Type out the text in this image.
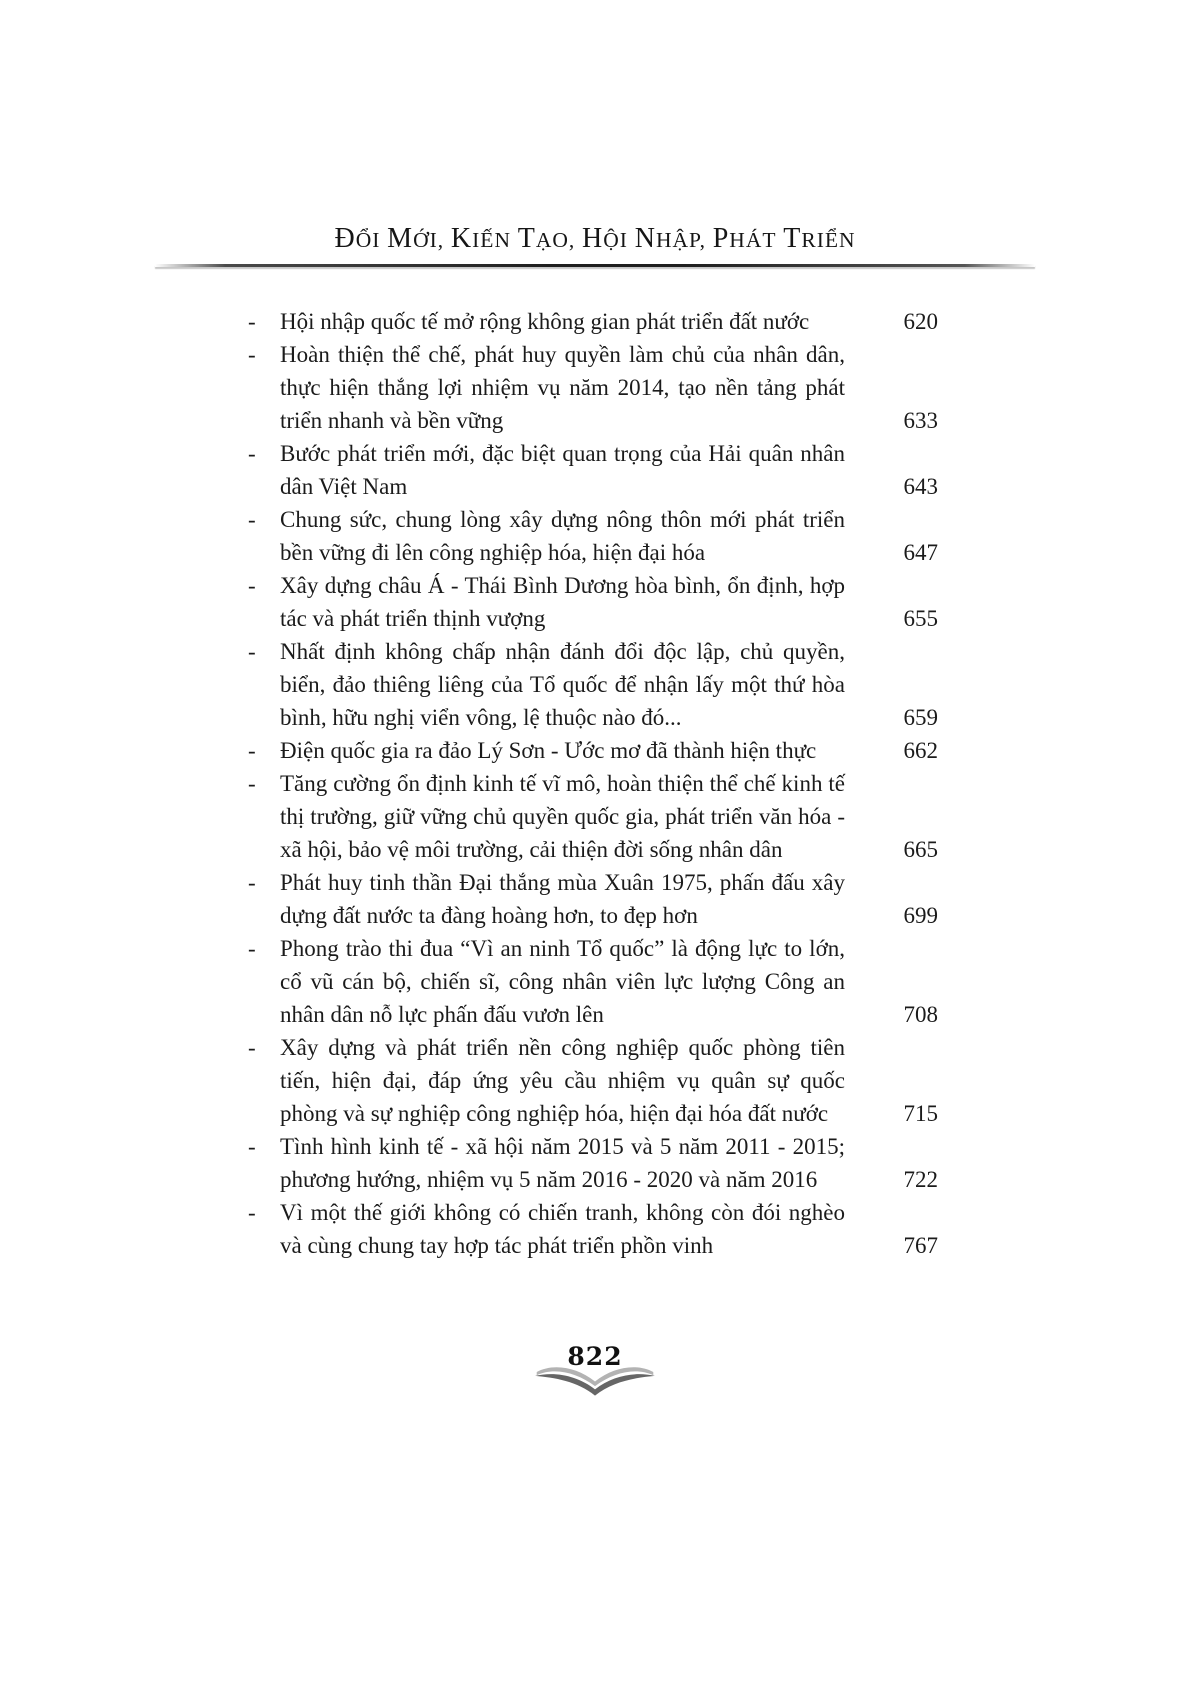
ĐỔI MỚI, KIẾN TẠO, HỘI NHẬP, PHÁT TRIỂN
-	Hội nhập quốc tế mở rộng không gian phát triển đất nước	620
-	Hoàn thiện thể chế, phát huy quyền làm chủ của nhân dân, thực hiện thắng lợi nhiệm vụ năm 2014, tạo nền tảng phát triển nhanh và bền vững	633
-	Bước phát triển mới, đặc biệt quan trọng của Hải quân nhân dân Việt Nam	643
-	Chung sức, chung lòng xây dựng nông thôn mới phát triển bền vững đi lên công nghiệp hóa, hiện đại hóa	647
-	Xây dựng châu Á - Thái Bình Dương hòa bình, ổn định, hợp tác và phát triển thịnh vượng	655
-	Nhất định không chấp nhận đánh đổi độc lập, chủ quyền, biển, đảo thiêng liêng của Tổ quốc để nhận lấy một thứ hòa bình, hữu nghị viển vông, lệ thuộc nào đó...	659
-	Điện quốc gia ra đảo Lý Sơn - Ước mơ đã thành hiện thực	662
-	Tăng cường ổn định kinh tế vĩ mô, hoàn thiện thể chế kinh tế thị trường, giữ vững chủ quyền quốc gia, phát triển văn hóa - xã hội, bảo vệ môi trường, cải thiện đời sống nhân dân	665
-	Phát huy tinh thần Đại thắng mùa Xuân 1975, phấn đấu xây dựng đất nước ta đàng hoàng hơn, to đẹp hơn	699
-	Phong trào thi đua “Vì an ninh Tổ quốc” là động lực to lớn, cổ vũ cán bộ, chiến sĩ, công nhân viên lực lượng Công an nhân dân nỗ lực phấn đấu vươn lên	708
-	Xây dựng và phát triển nền công nghiệp quốc phòng tiên tiến, hiện đại, đáp ứng yêu cầu nhiệm vụ quân sự quốc phòng và sự nghiệp công nghiệp hóa, hiện đại hóa đất nước	715
-	Tình hình kinh tế - xã hội năm 2015 và 5 năm 2011 - 2015; phương hướng, nhiệm vụ 5 năm 2016 - 2020 và năm 2016	722
-	Vì một thế giới không có chiến tranh, không còn đói nghèo và cùng chung tay hợp tác phát triển phồn vinh	767
822
